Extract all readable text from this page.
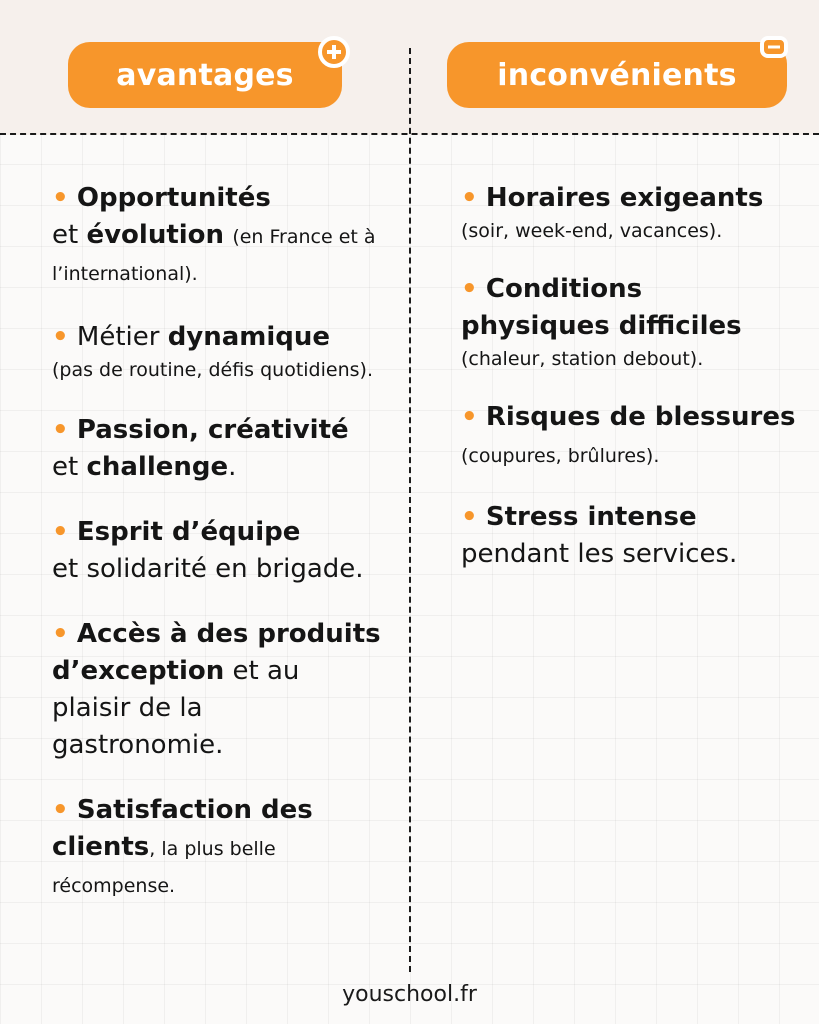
avantages	inconvénients
• Opportunités
et évolution (en France et à l’international).
• Métier dynamique
(pas de routine, défis quotidiens).
• Passion, créativité
et challenge.
• Esprit d’équipe
et solidarité en brigade.
• Accès à des produits d’exception et au plaisir de la gastronomie.
• Satisfaction des clients, la plus belle récompense.
• Horaires exigeants
(soir, week-end, vacances).
• Conditions physiques difficiles
(chaleur, station debout).
• Risques de blessures (coupures, brûlures).
• Stress intense
pendant les services.
youschool.fr
